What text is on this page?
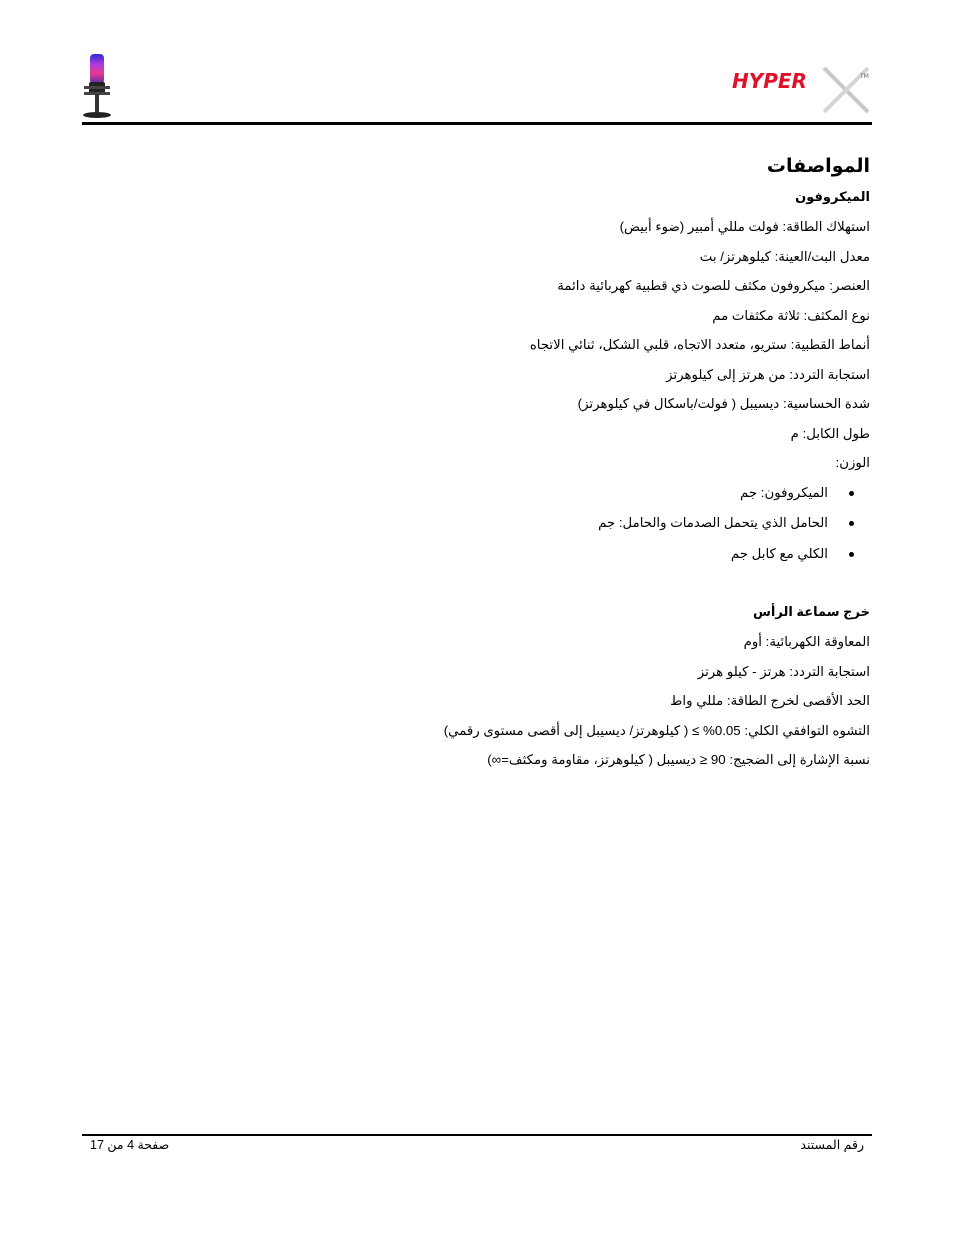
HYPER	TM
المواصفات
الميكروفون
استهلاك الطاقة: فولت مللي أمبير (ضوء أبيض)
معدل البت/العينة: كيلوهرتز/ بت
العنصر: ميكروفون مكثف للصوت ذي قطبية كهربائية دائمة
نوع المكثف: ثلاثة مكثفات مم
أنماط القطبية: ستريو، متعدد الاتجاه، قلبي الشكل، ثنائي الاتجاه
استجابة التردد: من هرتز إلى كيلوهرتز
شدة الحساسية: ديسيبل ( فولت/باسكال في كيلوهرتز)
طول الكابل: م
الوزن:
الميكروفون: جم
الحامل الذي يتحمل الصدمات والحامل: جم
الكلي مع كابل جم
خرج سماعة الرأس
المعاوقة الكهربائية: أوم
استجابة التردد: هرتز - كيلو هرتز
الحد الأقصى لخرج الطاقة: مللي واط
التشوه التوافقي الكلي: 0.05% ≥ ( كيلوهرتز/ ديسيبل إلى أقصى مستوى رقمي)
نسبة الإشارة إلى الضجيج: 90 ≤ ديسيبل ( كيلوهرتز، مقاومة ومكثف=∞)
رقم المستند
صفحة 4 من 17
